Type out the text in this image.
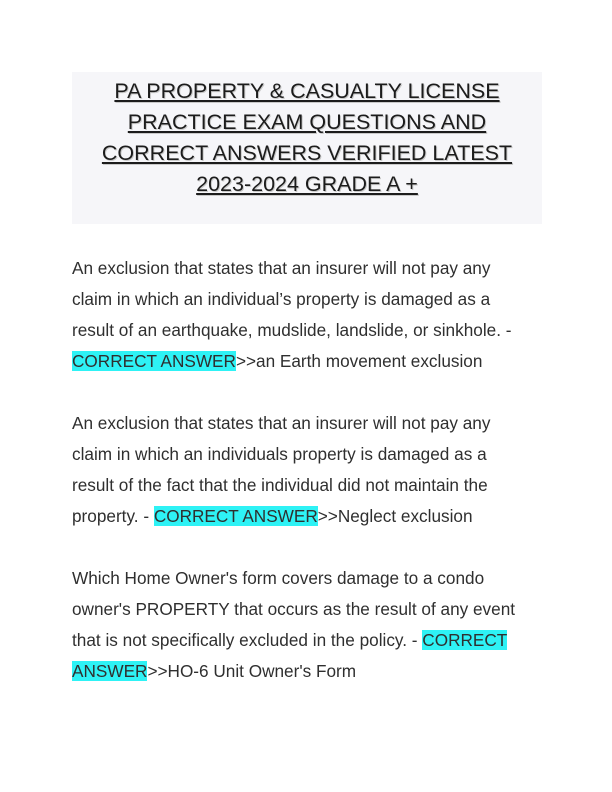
PA PROPERTY & CASUALTY LICENSE
PRACTICE EXAM QUESTIONS AND
CORRECT ANSWERS VERIFIED LATEST
2023-2024 GRADE A +
An exclusion that states that an insurer will not pay any
claim in which an individual’s property is damaged as a
result of an earthquake, mudslide, landslide, or sinkhole. -
CORRECT ANSWER>>an Earth movement exclusion
An exclusion that states that an insurer will not pay any
claim in which an individuals property is damaged as a
result of the fact that the individual did not maintain the
property. - CORRECT ANSWER>>Neglect exclusion
Which Home Owner's form covers damage to a condo
owner's PROPERTY that occurs as the result of any event
that is not specifically excluded in the policy. - CORRECT
ANSWER>>HO-6 Unit Owner's Form
